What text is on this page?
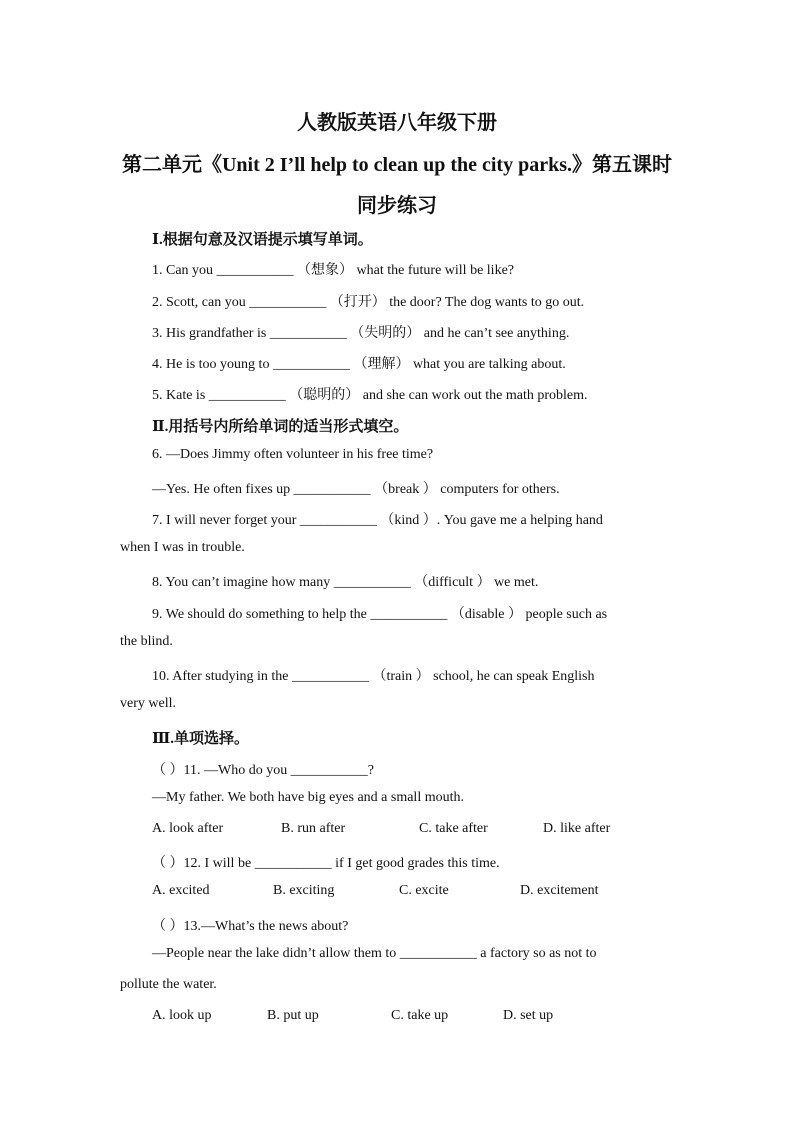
人教版英语八年级下册
第二单元《Unit 2 I’ll help to clean up the city parks.》第五课时
同步练习
Ⅰ.根据句意及汉语提示填写单词。
1. Can you ___________ （想象） what the future will be like?
2. Scott, can you ___________ （打开） the door? The dog wants to go out.
3. His grandfather is ___________ （失明的） and he can’t see anything.
4. He is too young to ___________ （理解） what you are talking about.
5. Kate is ___________ （聪明的） and she can work out the math problem.
Ⅱ.用括号内所给单词的适当形式填空。
6. —Does Jimmy often volunteer in his free time?
—Yes. He often fixes up ___________ （break ） computers for others.
7. I will never forget your ___________ （kind ）. You gave me a helping hand
when I was in trouble.
8. You can’t imagine how many ___________ （difficult ） we met.
9. We should do something to help the ___________ （disable ） people such as
the blind.
10. After studying in the ___________ （train ） school, he can speak English
very well.
Ⅲ.单项选择。
（ ）11. —Who do you ___________?
—My father. We both have big eyes and a small mouth.
A. look after	B. run after	C. take after	D. like after
（ ）12. I will be ___________ if I get good grades this time.
A. excited	B. exciting	C. excite	D. excitement
（ ）13.—What’s the news about?
—People near the lake didn’t allow them to ___________ a factory so as not to
pollute the water.
A. look up	B. put up	C. take up	D. set up
